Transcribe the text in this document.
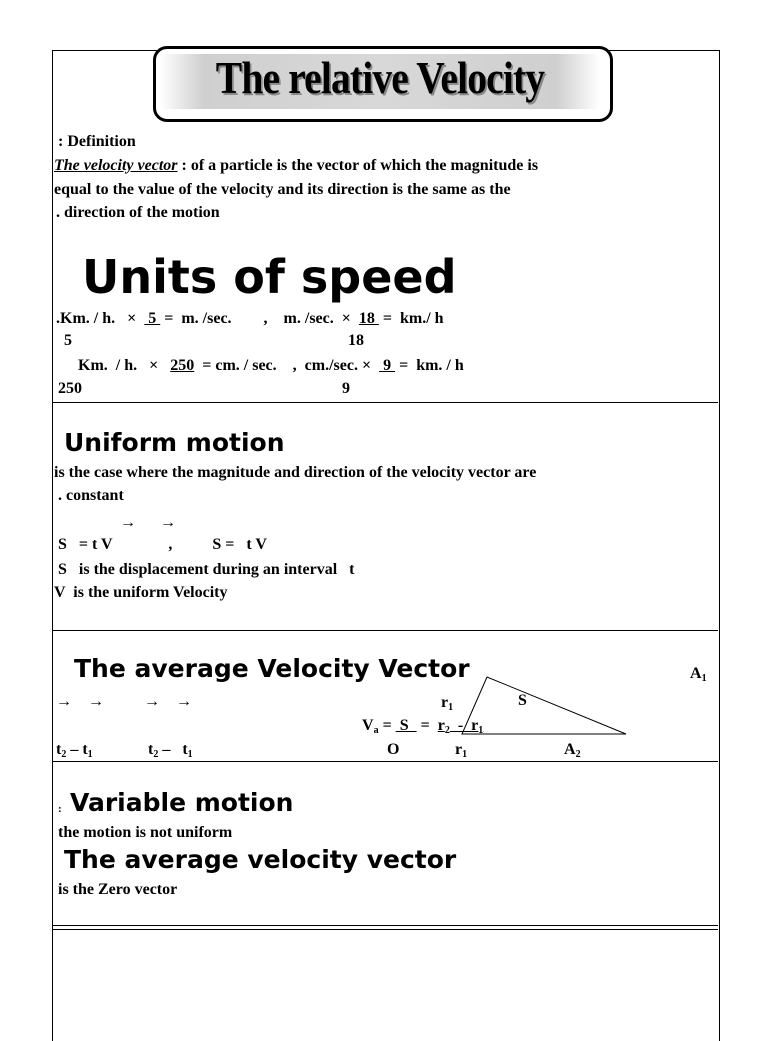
The relative Velocity
: Definition
The velocity vector : of a particle is the vector of which the magnitude is
equal to the value of the velocity and its direction is the same as the
. direction of the motion
Units of speed
.Km. / h.   ×   5  =  m. /sec.        ,    m. /sec.  ×  18  =  km./ h
5	18
Km.  / h.   ×   250  = cm. / sec.    ,  cm./sec. ×   9  =  km. / h
250	9
Uniform motion
is the case where the magnitude and direction of the velocity vector are
. constant
→      →
S   = t V              ,          S =   t V
S   is the displacement during an interval   t
V  is the uniform Velocity
The average Velocity Vector	$A_1$
$r_1$	S
→    →          →    →
$V_a = S = r_2 - r_1$
$t_2 - t_1$	$t_2 - t_1$	O	$r_1$	$A_2$
: Variable motion
the motion is not uniform
The average velocity vector
is the Zero vector
